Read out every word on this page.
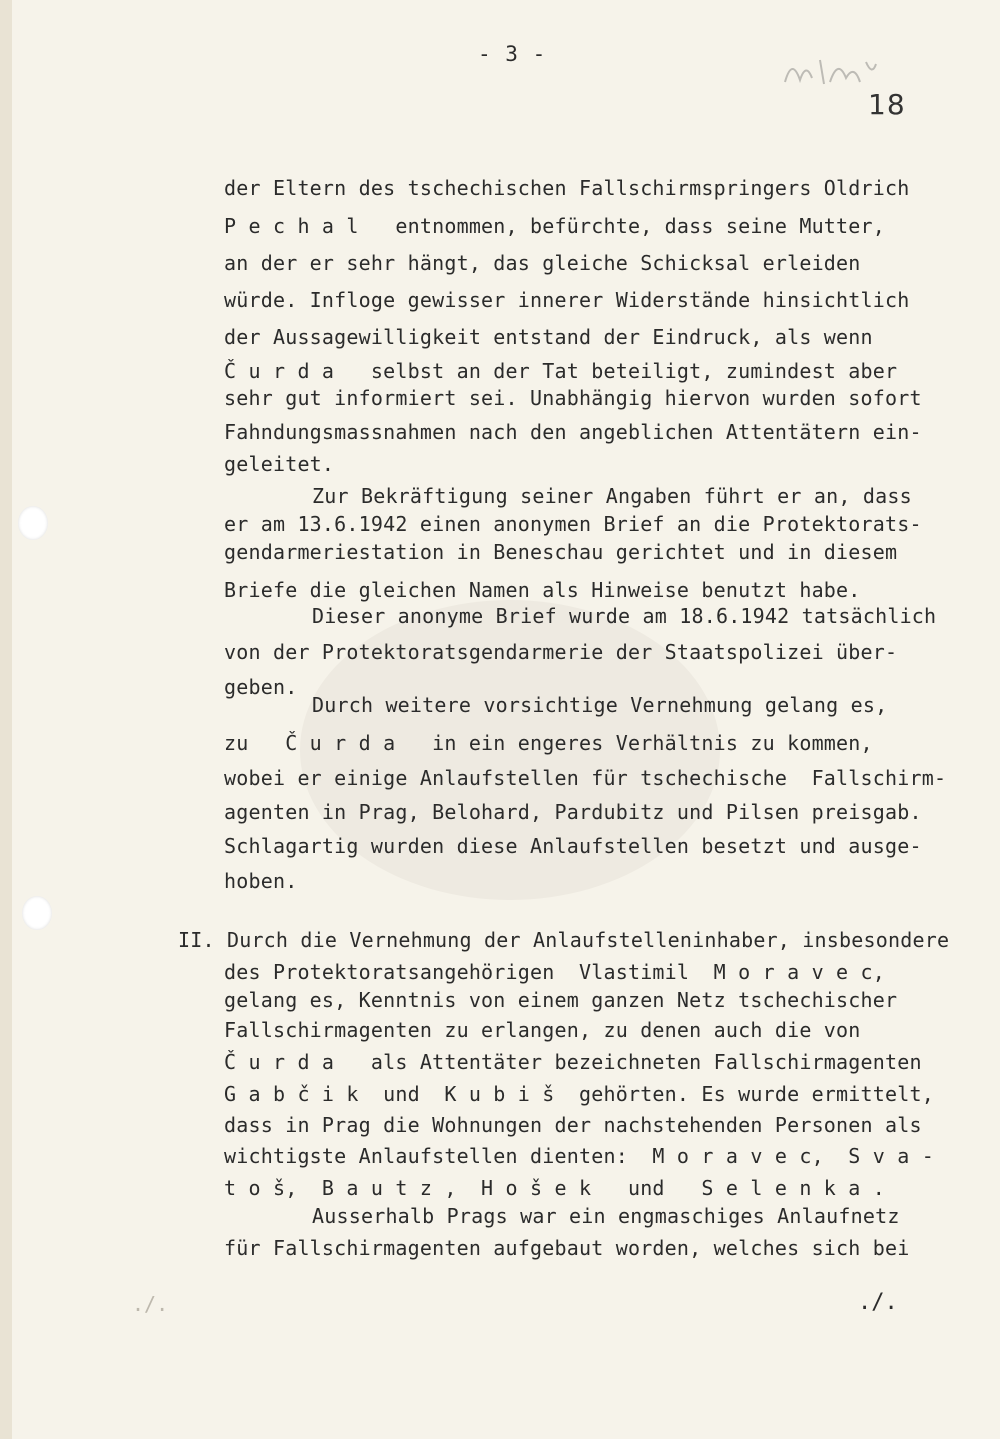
- 3 -
18
der Eltern des tschechischen Fallschirmspringers Oldrich
P e c h a l   entnommen, befürchte, dass seine Mutter,
an der er sehr hängt, das gleiche Schicksal erleiden
würde. Infloge gewisser innerer Widerstände hinsichtlich
der Aussagewilligkeit entstand der Eindruck, als wenn
Č u r d a   selbst an der Tat beteiligt, zumindest aber
sehr gut informiert sei. Unabhängig hiervon wurden sofort
Fahndungsmassnahmen nach den angeblichen Attentätern ein-
geleitet.
Zur Bekräftigung seiner Angaben führt er an, dass
er am 13.6.1942 einen anonymen Brief an die Protektorats-
gendarmeriestation in Beneschau gerichtet und in diesem
Briefe die gleichen Namen als Hinweise benutzt habe.
Dieser anonyme Brief wurde am 18.6.1942 tatsächlich
von der Protektoratsgendarmerie der Staatspolizei über-
geben.
Durch weitere vorsichtige Vernehmung gelang es,
zu   Č u r d a   in ein engeres Verhältnis zu kommen,
wobei er einige Anlaufstellen für tschechische  Fallschirm-
agenten in Prag, Belohard, Pardubitz und Pilsen preisgab.
Schlagartig wurden diese Anlaufstellen besetzt und ausge-
hoben.
II. Durch die Vernehmung der Anlaufstelleninhaber, insbesondere
des Protektoratsangehörigen  Vlastimil  M o r a v e c,
gelang es, Kenntnis von einem ganzen Netz tschechischer
Fallschirmagenten zu erlangen, zu denen auch die von
Č u r d a   als Attentäter bezeichneten Fallschirmagenten
G a b č i k  und  K u b i š  gehörten. Es wurde ermittelt,
dass in Prag die Wohnungen der nachstehenden Personen als
wichtigste Anlaufstellen dienten:  M o r a v e c,  S v a -
t o š,  B a u t z ,  H o š e k   und   S e l e n k a .
Ausserhalb Prags war ein engmaschiges Anlaufnetz
für Fallschirmagenten aufgebaut worden, welches sich bei
./.	./.
